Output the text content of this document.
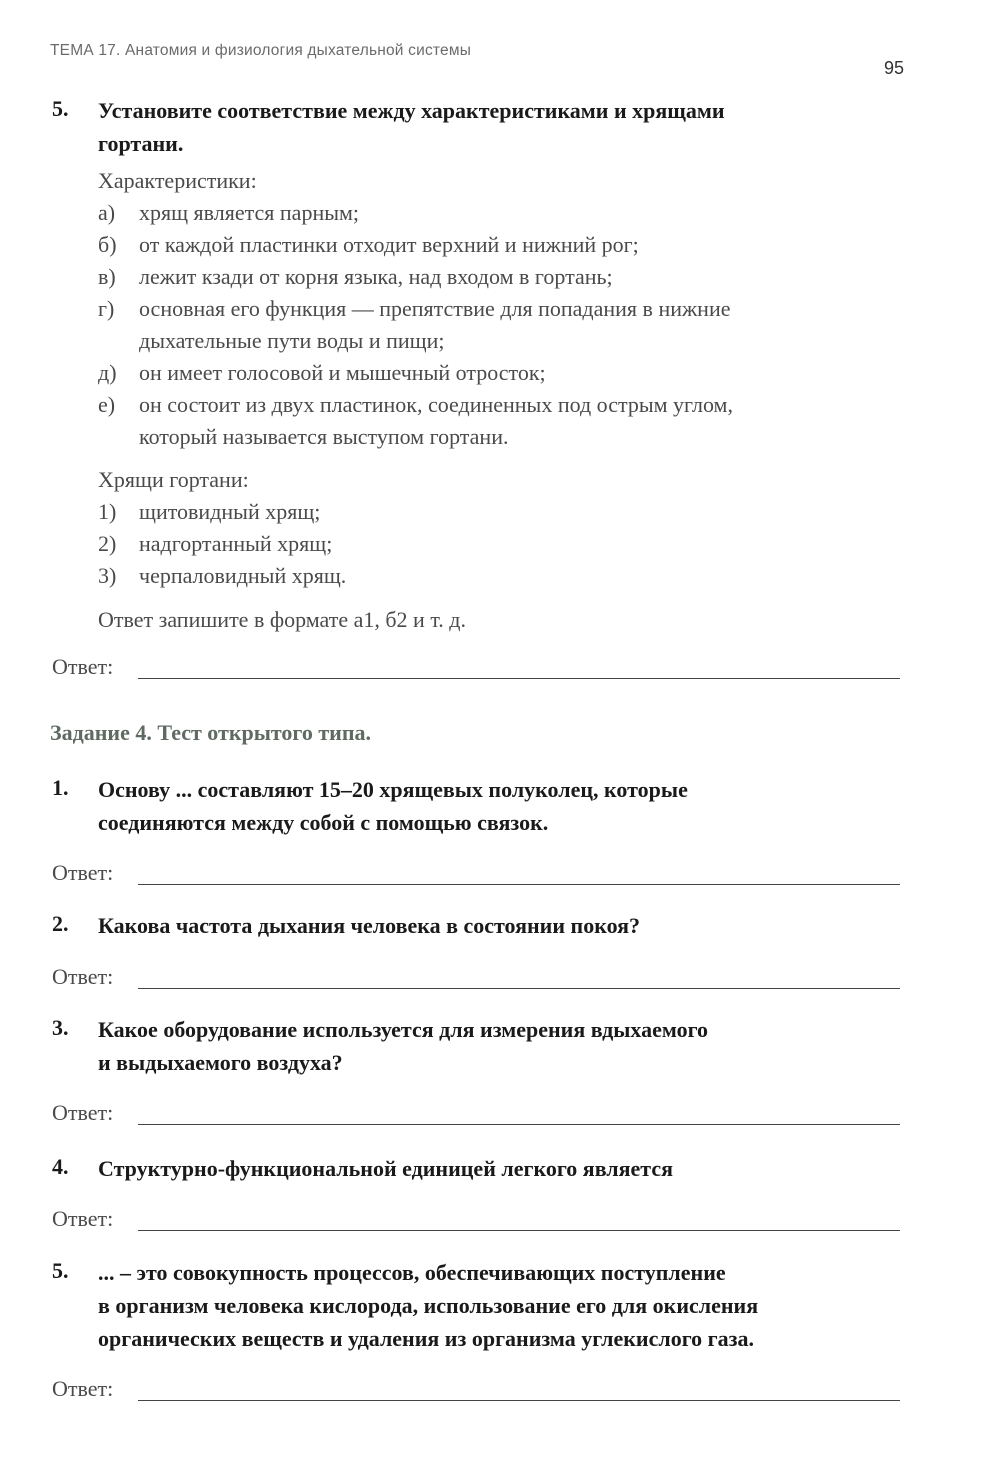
ТЕМА 17. Анатомия и физиология дыхательной системы
95
5. Установите соответствие между характеристиками и хрящами
гортани.
Характеристики:
а) хрящ является парным;
б) от каждой пластинки отходит верхний и нижний рог;
в) лежит кзади от корня языка, над входом в гортань;
г) основная его функция — препятствие для попадания в нижние
дыхательные пути воды и пищи;
д) он имеет голосовой и мышечный отросток;
е) он состоит из двух пластинок, соединенных под острым углом,
который называется выступом гортани.
Хрящи гортани:
1) щитовидный хрящ;
2) надгортанный хрящ;
3) черпаловидный хрящ.
Ответ запишите в формате а1, б2 и т. д.
Ответ:
Задание 4. Тест открытого типа.
1. Основу ... составляют 15–20 хрящевых полуколец, которые
соединяются между собой с помощью связок.
Ответ:
2. Какова частота дыхания человека в состоянии покоя?
Ответ:
3. Какое оборудование используется для измерения вдыхаемого
и выдыхаемого воздуха?
Ответ:
4. Структурно-функциональной единицей легкого является
Ответ:
5. ... – это совокупность процессов, обеспечивающих поступление
в организм человека кислорода, использование его для окисления
органических веществ и удаления из организма углекислого газа.
Ответ:
